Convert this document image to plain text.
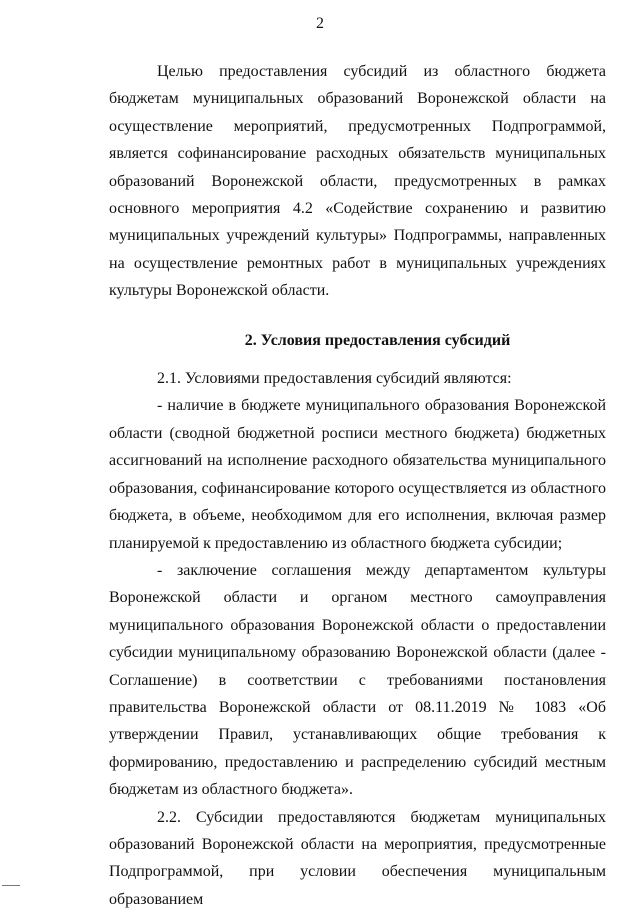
2

Целью предоставления субсидий из областного бюджета бюджетам муниципальных образований Воронежской области на осуществление мероприятий, предусмотренных Подпрограммой, является софинансирование расходных обязательств муниципальных образований Воронежской области, предусмотренных в рамках основного мероприятия 4.2 «Содействие сохранению и развитию муниципальных учреждений культуры» Подпрограммы, направленных на осуществление ремонтных работ в муниципальных учреждениях культуры Воронежской области.

2. Условия предоставления субсидий

2.1. Условиями предоставления субсидий являются:

- наличие в бюджете муниципального образования Воронежской области (сводной бюджетной росписи местного бюджета) бюджетных ассигнований на исполнение расходного обязательства муниципального образования, софинансирование которого осуществляется из областного бюджета, в объеме, необходимом для его исполнения, включая размер планируемой к предоставлению из областного бюджета субсидии;

- заключение соглашения между департаментом культуры Воронежской области и органом местного самоуправления муниципального образования Воронежской области о предоставлении субсидии муниципальному образованию Воронежской области (далее - Соглашение) в соответствии с требованиями постановления правительства Воронежской области от 08.11.2019 № 1083 «Об утверждении Правил, устанавливающих общие требования к формированию, предоставлению и распределению субсидий местным бюджетам из областного бюджета».

2.2. Субсидии предоставляются бюджетам муниципальных образований Воронежской области на мероприятия, предусмотренные Подпрограммой, при условии обеспечения муниципальным образованием
